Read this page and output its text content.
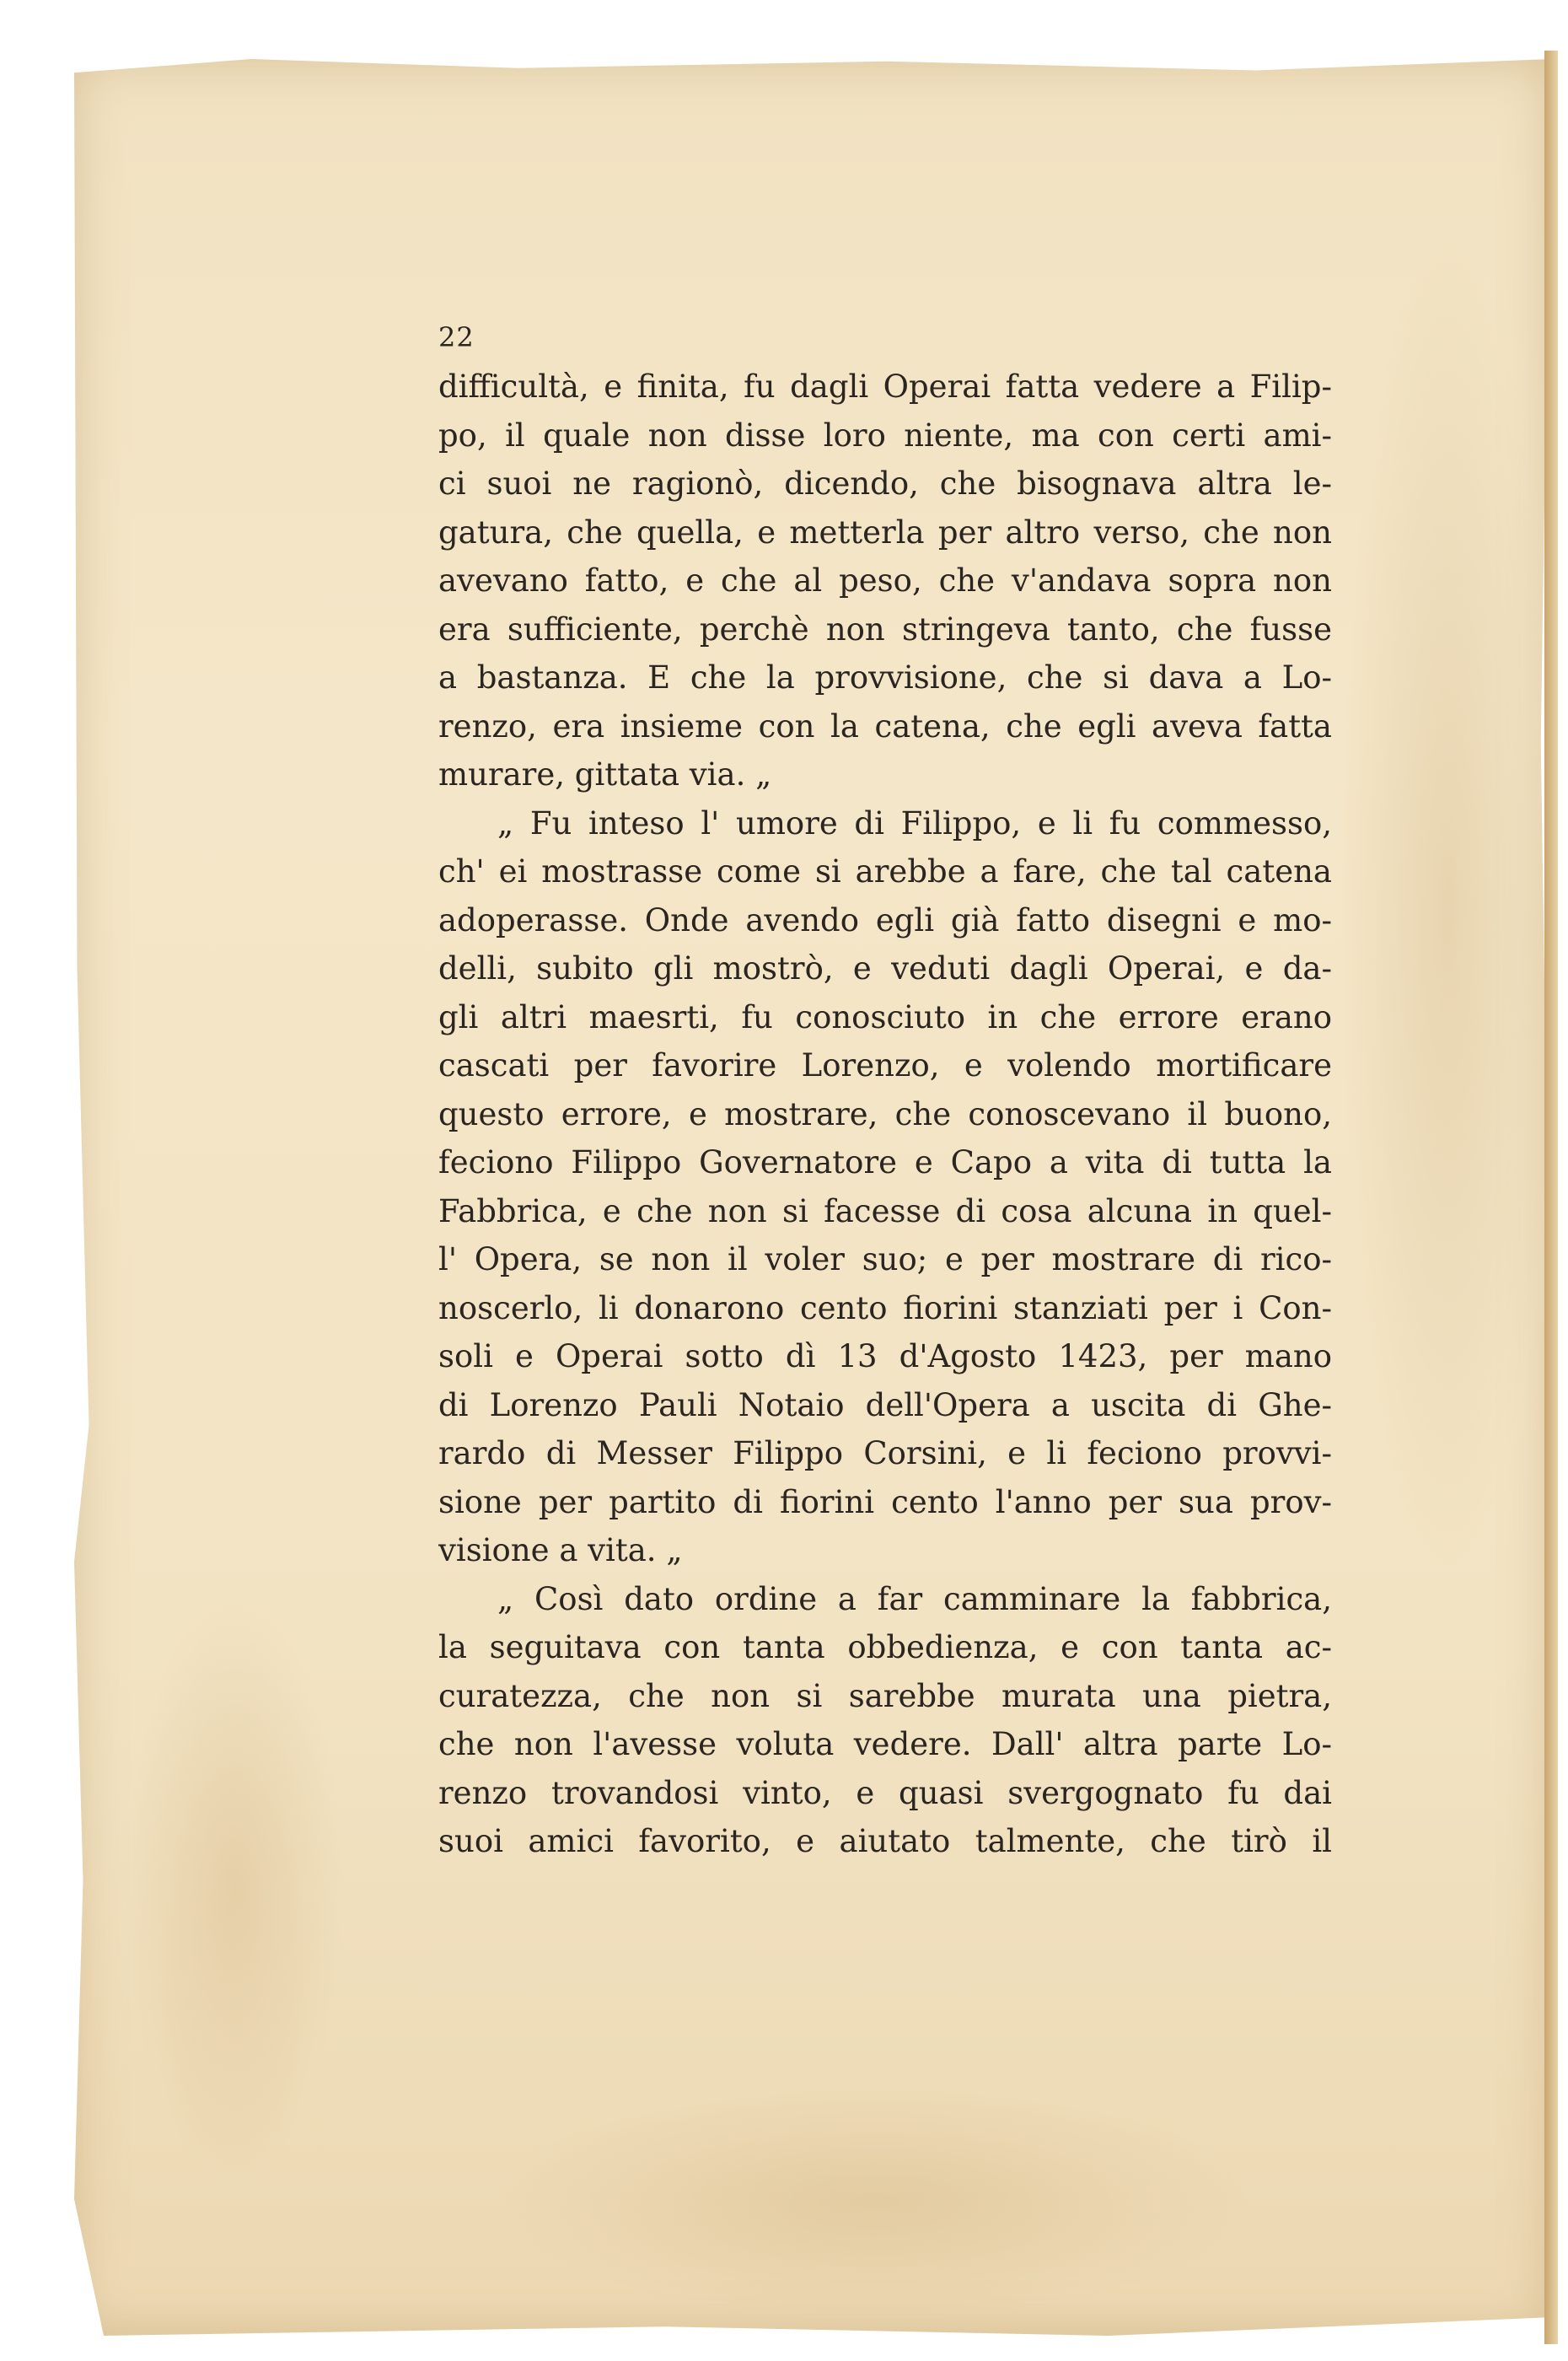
22
difficultà, e finita, fu dagli Operai fatta vedere a Filip-
po, il quale non disse loro niente, ma con certi ami-
ci suoi ne ragionò, dicendo, che bisognava altra le-
gatura, che quella, e metterla per altro verso, che non
avevano fatto, e che al peso, che v'andava sopra non
era sufficiente, perchè non stringeva tanto, che fusse
a bastanza. E che la provvisione, che si dava a Lo-
renzo, era insieme con la catena, che egli aveva fatta
murare, gittata via. „
„ Fu inteso l' umore di Filippo, e li fu commesso,
ch' ei mostrasse come si arebbe a fare, che tal catena
adoperasse. Onde avendo egli già fatto disegni e mo-
delli, subito gli mostrò, e veduti dagli Operai, e da-
gli altri maesrti, fu conosciuto in che errore erano
cascati per favorire Lorenzo, e volendo mortificare
questo errore, e mostrare, che conoscevano il buono,
feciono Filippo Governatore e Capo a vita di tutta la
Fabbrica, e che non si facesse di cosa alcuna in quel-
l' Opera, se non il voler suo; e per mostrare di rico-
noscerlo, li donarono cento fiorini stanziati per i Con-
soli e Operai sotto dì 13 d'Agosto 1423, per mano
di Lorenzo Pauli Notaio dell'Opera a uscita di Ghe-
rardo di Messer Filippo Corsini, e li feciono provvi-
sione per partito di fiorini cento l'anno per sua prov-
visione a vita. „
„ Così dato ordine a far camminare la fabbrica,
la seguitava con tanta obbedienza, e con tanta ac-
curatezza, che non si sarebbe murata una pietra,
che non l'avesse voluta vedere. Dall' altra parte Lo-
renzo trovandosi vinto, e quasi svergognato fu dai
suoi amici favorito, e aiutato talmente, che tirò il
